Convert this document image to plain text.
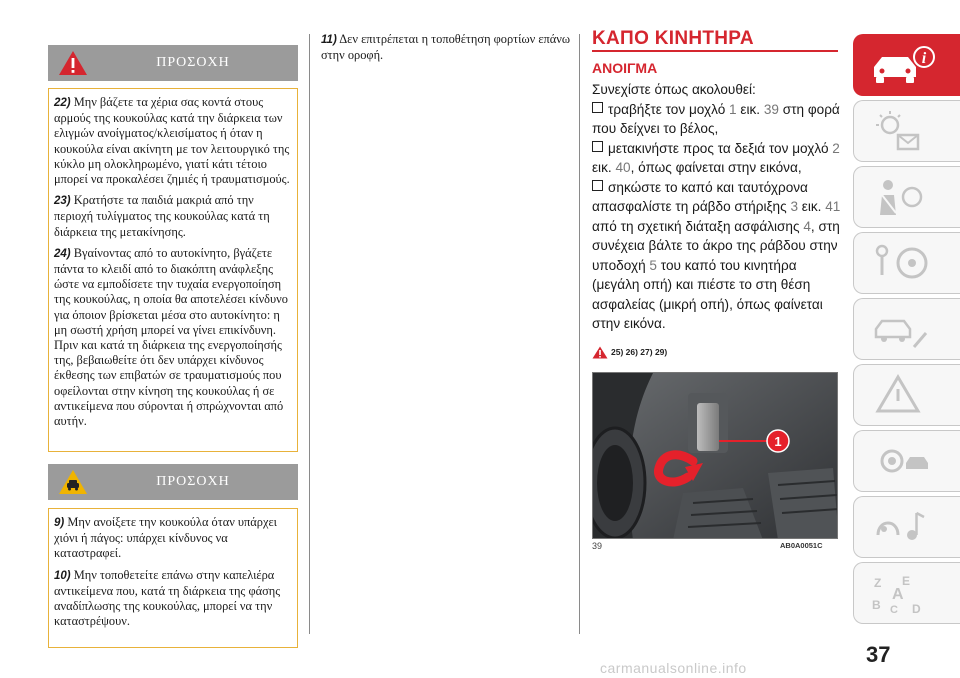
ΠΡΟΣΟΧΗ

22) Μην βάζετε τα χέρια σας κοντά στους αρμούς της κουκούλας κατά την διάρκεια των ελιγμών ανοίγματος/κλεισίματος ή όταν η κουκούλα είναι ακίνητη με τον λειτουργικό της κύκλο μη ολοκληρωμένο, γιατί κάτι τέτοιο μπορεί να προκαλέσει ζημιές ή τραυματισμούς.

23) Κρατήστε τα παιδιά μακριά από την περιοχή τυλίγματος της κουκούλας κατά τη διάρκεια της μετακίνησης.

24) Βγαίνοντας από το αυτοκίνητο, βγάζετε πάντα το κλειδί από το διακόπτη ανάφλεξης ώστε να εμποδίσετε την τυχαία ενεργοποίηση της κουκούλας, η οποία θα αποτελέσει κίνδυνο για όποιον βρίσκεται μέσα στο αυτοκίνητο: η μη σωστή χρήση μπορεί να γίνει επικίνδυνη. Πριν και κατά τη διάρκεια της ενεργοποίησής της, βεβαιωθείτε ότι δεν υπάρχει κίνδυνος έκθεσης των επιβατών σε τραυματισμούς που οφείλονται στην κίνηση της κουκούλας ή σε αντικείμενα που σύρονται ή σπρώχνονται από αυτήν.

ΠΡΟΣΟΧΗ

9) Μην ανοίξετε την κουκούλα όταν υπάρχει χιόνι ή πάγος: υπάρχει κίνδυνος να καταστραφεί.

10) Μην τοποθετείτε επάνω στην καπελιέρα αντικείμενα που, κατά τη διάρκεια της φάσης αναδίπλωσης της κουκούλας, μπορεί να την καταστρέψουν.

11) Δεν επιτρέπεται η τοποθέτηση φορτίων επάνω στην οροφή.

ΚΑΠΟ ΚΙΝΗΤΗΡΑ
ΑΝΟΙΓΜΑ

Συνεχίστε όπως ακολουθεί:

τραβήξτε τον μοχλό 1 εικ. 39 στη φορά που δείχνει το βέλος,

μετακινήστε προς τα δεξιά τον μοχλό 2 εικ. 40, όπως φαίνεται στην εικόνα,

σηκώστε το καπό και ταυτόχρονα απασφαλίστε τη ράβδο στήριξης 3 εικ. 41 από τη σχετική διάταξη ασφάλισης 4, στη συνέχεια βάλτε το άκρο της ράβδου στην υποδοχή 5 του καπό του κινητήρα (μεγάλη οπή) και πιέστε το στη θέση ασφαλείας (μικρή οπή), όπως φαίνεται στην εικόνα.

25) 26) 27) 29)
1
39	AB0A0051C
i
Z E
B C D
A
37
carmanualsonline.info
